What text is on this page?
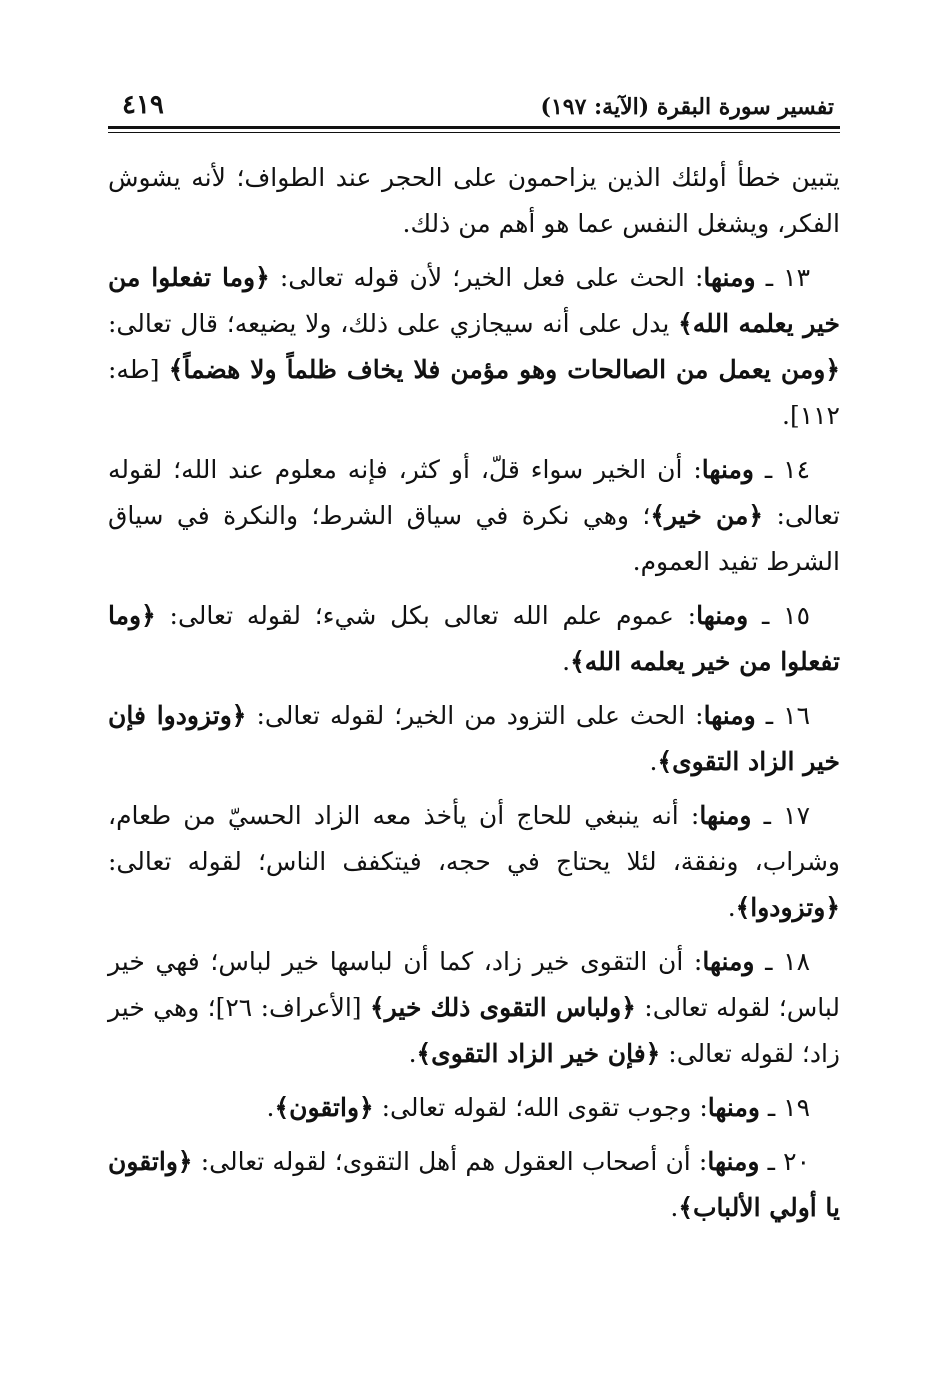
تفسير سورة البقرة (الآية: ١٩٧)
٤١٩

يتبين خطأ أولئك الذين يزاحمون على الحجر عند الطواف؛ لأنه يشوش الفكر، ويشغل النفس عما هو أهم من ذلك.

١٣ ـ ومنها: الحث على فعل الخير؛ لأن قوله تعالى: ﴿وما تفعلوا من خير يعلمه الله﴾ يدل على أنه سيجازي على ذلك، ولا يضيعه؛ قال تعالى: ﴿ومن يعمل من الصالحات وهو مؤمن فلا يخاف ظلماً ولا هضماً﴾ [طه: ١١٢].

١٤ ـ ومنها: أن الخير سواء قلّ، أو كثر، فإنه معلوم عند الله؛ لقوله تعالى: ﴿من خير﴾؛ وهي نكرة في سياق الشرط؛ والنكرة في سياق الشرط تفيد العموم.

١٥ ـ ومنها: عموم علم الله تعالى بكل شيء؛ لقوله تعالى: ﴿وما تفعلوا من خير يعلمه الله﴾.

١٦ ـ ومنها: الحث على التزود من الخير؛ لقوله تعالى: ﴿وتزودوا فإن خير الزاد التقوى﴾.

١٧ ـ ومنها: أنه ينبغي للحاج أن يأخذ معه الزاد الحسيّ من طعام، وشراب، ونفقة، لئلا يحتاج في حجه، فيتكفف الناس؛ لقوله تعالى: ﴿وتزودوا﴾.

١٨ ـ ومنها: أن التقوى خير زاد، كما أن لباسها خير لباس؛ فهي خير لباس؛ لقوله تعالى: ﴿ولباس التقوى ذلك خير﴾ [الأعراف: ٢٦]؛ وهي خير زاد؛ لقوله تعالى: ﴿فإن خير الزاد التقوى﴾.

١٩ ـ ومنها: وجوب تقوى الله؛ لقوله تعالى: ﴿واتقون﴾.

٢٠ ـ ومنها: أن أصحاب العقول هم أهل التقوى؛ لقوله تعالى: ﴿واتقون يا أولي الألباب﴾.
